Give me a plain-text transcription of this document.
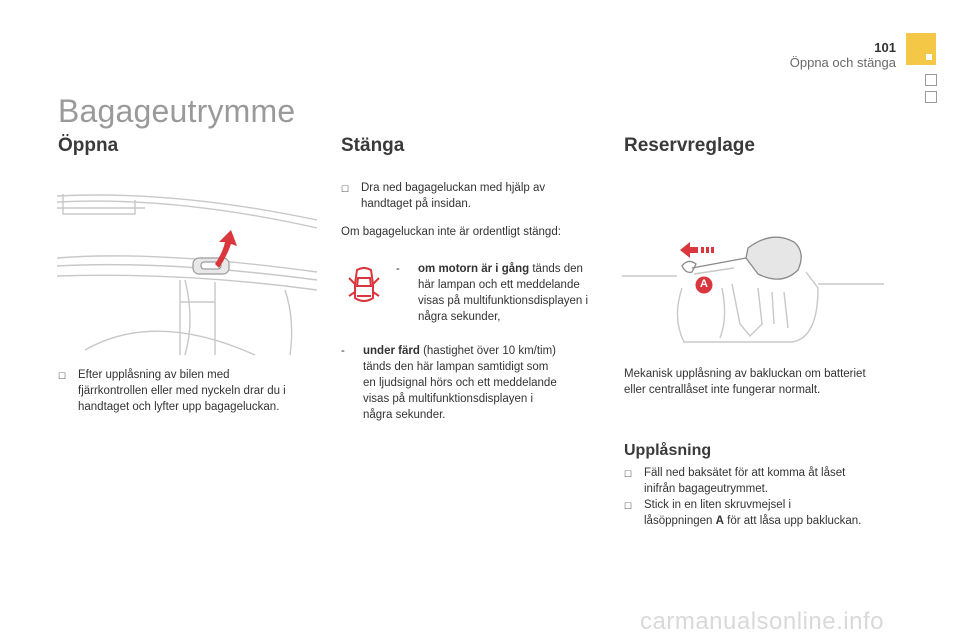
101
Öppna och stänga
Bagageutrymme
Öppna
☐ Efter upplåsning av bilen med
fjärrkontrollen eller med nyckeln drar du i
handtaget och lyfter upp bagageluckan.
Stänga
☐ Dra ned bagageluckan med hjälp av
handtaget på insidan.
Om bagageluckan inte är ordentligt stängd:
- om motorn är i gång tänds den
här lampan och ett meddelande
visas på multifunktionsdisplayen i
några sekunder,
- under färd (hastighet över 10 km/tim)
tänds den här lampan samtidigt som
en ljudsignal hörs och ett meddelande
visas på multifunktionsdisplayen i
några sekunder.
Reservreglage
A
Mekanisk upplåsning av bakluckan om batteriet
eller centrallåset inte fungerar normalt.
Upplåsning
☐ Fäll ned baksätet för att komma åt låset
inifrån bagageutrymmet.
☐ Stick in en liten skruvmejsel i
låsöppningen A för att låsa upp bakluckan.
carmanualsonline.info
